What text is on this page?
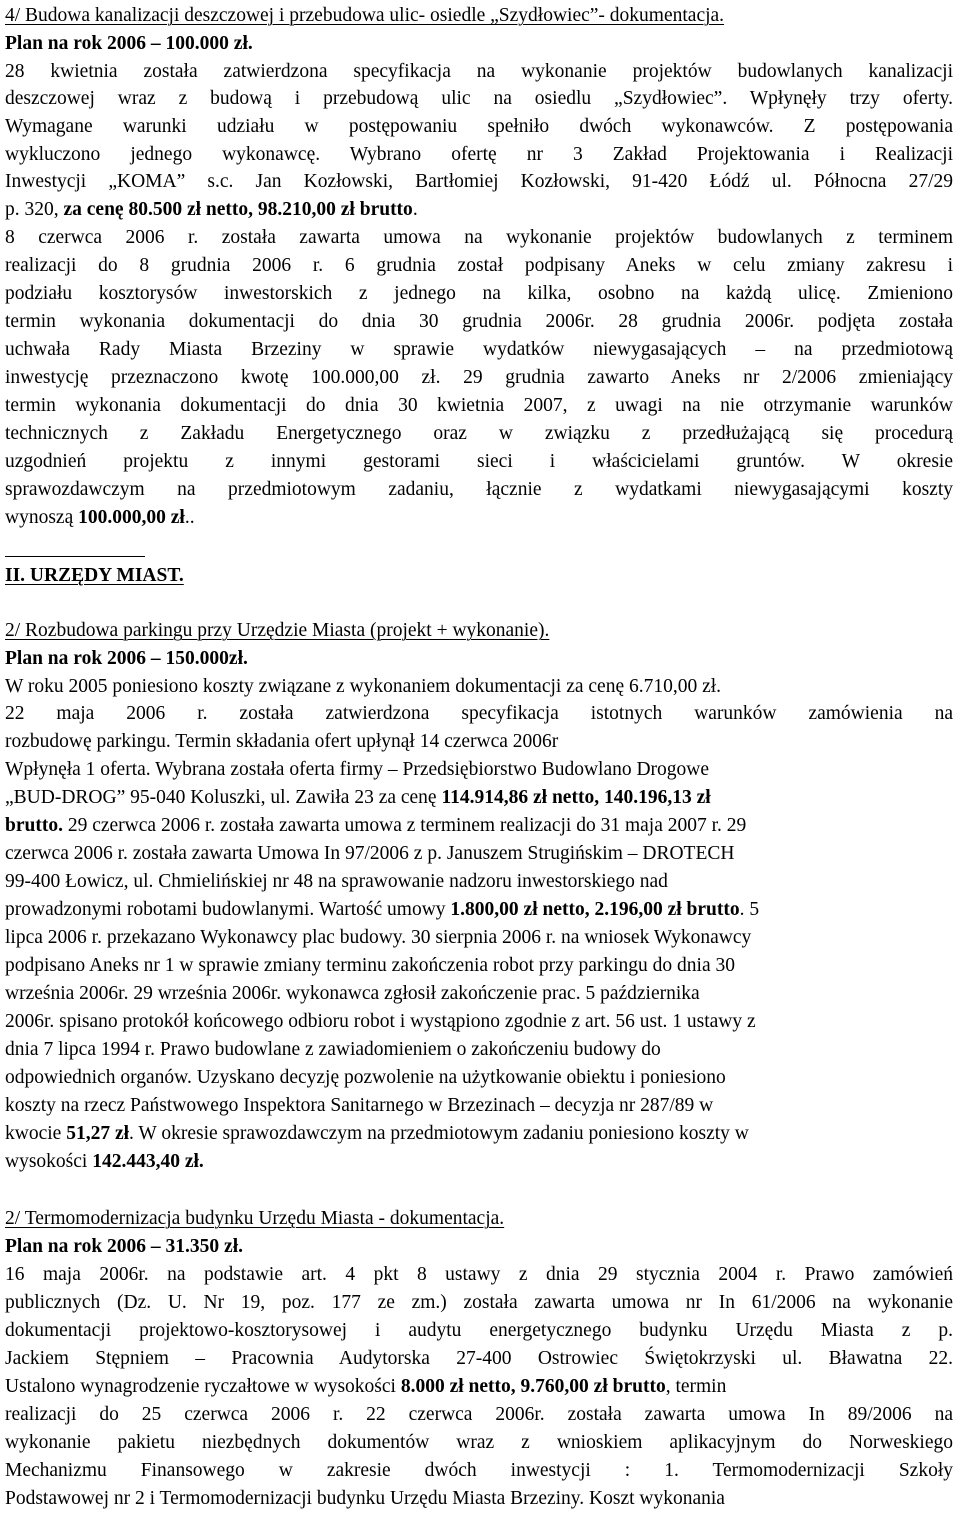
4/ Budowa kanalizacji deszczowej i przebudowa ulic- osiedle „Szydłowiec”- dokumentacja.
Plan na rok 2006 – 100.000 zł.
28 kwietnia została zatwierdzona specyfikacja na wykonanie projektów budowlanych kanalizacji
deszczowej wraz z budową i przebudową ulic na osiedlu „Szydłowiec”. Wpłynęły trzy oferty.
Wymagane warunki udziału w postępowaniu spełniło dwóch wykonawców. Z postępowania
wykluczono jednego wykonawcę. Wybrano ofertę nr 3 Zakład Projektowania i Realizacji
Inwestycji „KOMA” s.c. Jan Kozłowski, Bartłomiej Kozłowski, 91-420 Łódź ul. Północna 27/29
p. 320, za cenę 80.500 zł netto, 98.210,00 zł brutto.
8 czerwca 2006 r. została zawarta umowa na wykonanie projektów budowlanych z terminem
realizacji do 8 grudnia 2006 r. 6 grudnia został podpisany Aneks w celu zmiany zakresu i
podziału kosztorysów inwestorskich z jednego na kilka, osobno na każdą ulicę. Zmieniono
termin wykonania dokumentacji do dnia 30 grudnia 2006r. 28 grudnia 2006r. podjęta została
uchwała Rady Miasta Brzeziny w sprawie wydatków niewygasających – na przedmiotową
inwestycję przeznaczono kwotę 100.000,00 zł. 29 grudnia zawarto Aneks nr 2/2006 zmieniający
termin wykonania dokumentacji do dnia 30 kwietnia 2007, z uwagi na nie otrzymanie warunków
technicznych z Zakładu Energetycznego oraz w związku z przedłużającą się procedurą
uzgodnień projektu z innymi gestorami sieci i właścicielami gruntów. W okresie
sprawozdawczym na przedmiotowym zadaniu, łącznie z wydatkami niewygasającymi koszty
wynoszą 100.000,00 zł..
II. URZĘDY MIAST.
2/ Rozbudowa parkingu przy Urzędzie Miasta (projekt + wykonanie).
Plan na rok 2006 – 150.000zł.
W roku 2005 poniesiono koszty związane z wykonaniem dokumentacji za cenę 6.710,00 zł.
22 maja 2006 r. została zatwierdzona specyfikacja istotnych warunków zamówienia na
rozbudowę parkingu. Termin składania ofert upłynął 14 czerwca 2006r
Wpłynęła 1 oferta. Wybrana została oferta firmy – Przedsiębiorstwo Budowlano Drogowe
„BUD-DROG” 95-040 Koluszki, ul. Zawiła 23 za cenę 114.914,86 zł netto, 140.196,13 zł
brutto. 29 czerwca 2006 r. została zawarta umowa z terminem realizacji do 31 maja 2007 r. 29
czerwca 2006 r. została zawarta Umowa In 97/2006 z p. Januszem Strugińskim – DROTECH
99-400 Łowicz, ul. Chmielińskiej nr 48 na sprawowanie nadzoru inwestorskiego nad
prowadzonymi robotami budowlanymi. Wartość umowy 1.800,00 zł netto, 2.196,00 zł brutto. 5
lipca 2006 r. przekazano Wykonawcy plac budowy. 30 sierpnia 2006 r. na wniosek Wykonawcy
podpisano Aneks nr 1 w sprawie zmiany terminu zakończenia robot przy parkingu do dnia 30
września 2006r. 29 września 2006r. wykonawca zgłosił zakończenie prac. 5 października
2006r. spisano protokół końcowego odbioru robot i wystąpiono zgodnie z art. 56 ust. 1 ustawy z
dnia 7 lipca 1994 r. Prawo budowlane z zawiadomieniem o zakończeniu budowy do
odpowiednich organów. Uzyskano decyzję pozwolenie na użytkowanie obiektu i poniesiono
koszty na rzecz Państwowego Inspektora Sanitarnego w Brzezinach – decyzja nr 287/89 w
kwocie 51,27 zł. W okresie sprawozdawczym na przedmiotowym zadaniu poniesiono koszty w
wysokości 142.443,40 zł.
2/ Termomodernizacja budynku Urzędu Miasta - dokumentacja.
Plan na rok 2006 – 31.350 zł.
16 maja 2006r. na podstawie art. 4 pkt 8 ustawy z dnia 29 stycznia 2004 r. Prawo zamówień
publicznych (Dz. U. Nr 19, poz. 177 ze zm.) została zawarta umowa nr In 61/2006 na wykonanie
dokumentacji projektowo-kosztorysowej i audytu energetycznego budynku Urzędu Miasta z p.
Jackiem Stępniem – Pracownia Audytorska 27-400 Ostrowiec Świętokrzyski ul. Bławatna 22.
Ustalono wynagrodzenie ryczałtowe w wysokości 8.000 zł netto, 9.760,00 zł brutto, termin
realizacji do 25 czerwca 2006 r. 22 czerwca 2006r. została zawarta umowa In 89/2006 na
wykonanie pakietu niezbędnych dokumentów wraz z wnioskiem aplikacyjnym do Norweskiego
Mechanizmu Finansowego w zakresie dwóch inwestycji : 1. Termomodernizacji Szkoły
Podstawowej nr 2 i Termomodernizacji budynku Urzędu Miasta Brzeziny. Koszt wykonania
